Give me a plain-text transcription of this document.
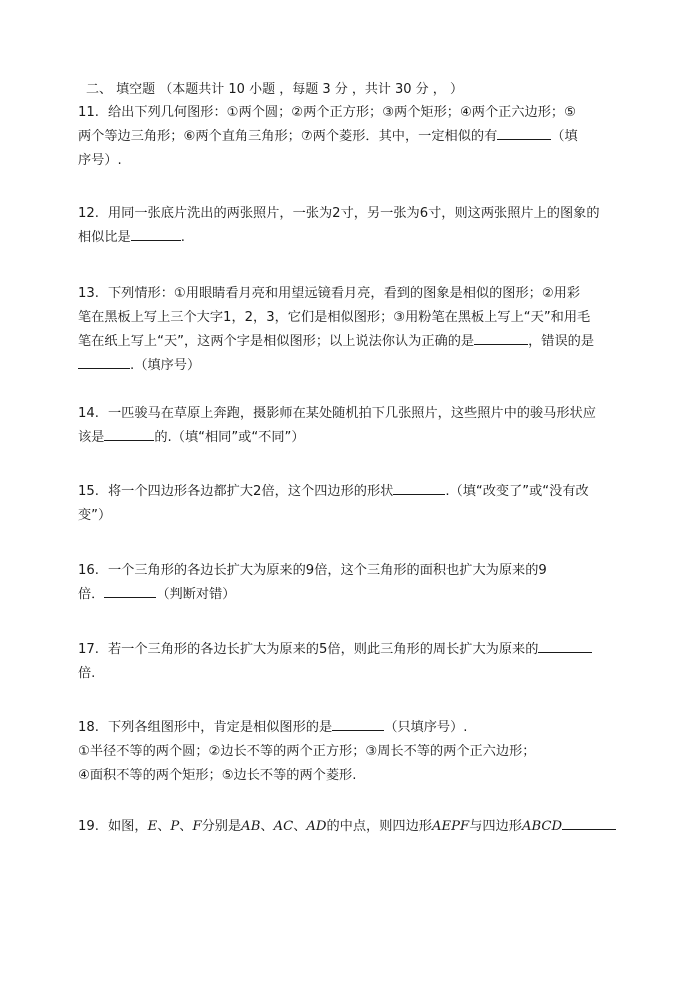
二、 填空题 （本题共计 10 小题 ，每题 3 分 ，共计 30 分 ， ）
11. 给出下列几何图形：①两个圆；②两个正方形；③两个矩形；④两个正六边形；⑤
两个等边三角形；⑥两个直角三角形；⑦两个菱形．其中，一定相似的有	（填
序号）.
12. 用同一张底片洗出的两张照片，一张为2寸，另一张为6寸，则这两张照片上的图象的
相似比是	.
13. 下列情形：①用眼睛看月亮和用望远镜看月亮，看到的图象是相似的图形；②用彩
笔在黑板上写上三个大字1，2，3，它们是相似图形；③用粉笔在黑板上写上“天”和用毛
笔在纸上写上“天”，这两个字是相似图形；以上说法你认为正确的是	，错误的是
.（填序号）
14. 一匹骏马在草原上奔跑，摄影师在某处随机拍下几张照片，这些照片中的骏马形状应
该是	的.（填“相同”或“不同”）
15. 将一个四边形各边都扩大2倍，这个四边形的形状	.（填“改变了”或“没有改
变”）
16. 一个三角形的各边长扩大为原来的9倍，这个三角形的面积也扩大为原来的9
倍．	（判断对错）
17. 若一个三角形的各边长扩大为原来的5倍，则此三角形的周长扩大为原来的
倍.
18. 下列各组图形中，肯定是相似图形的是	（只填序号）.
①半径不等的两个圆；②边长不等的两个正方形；③周长不等的两个正六边形；
④面积不等的两个矩形；⑤边长不等的两个菱形.
19. 如图，E、P、F分别是AB、AC、AD的中点，则四边形AEPF与四边形ABCD
